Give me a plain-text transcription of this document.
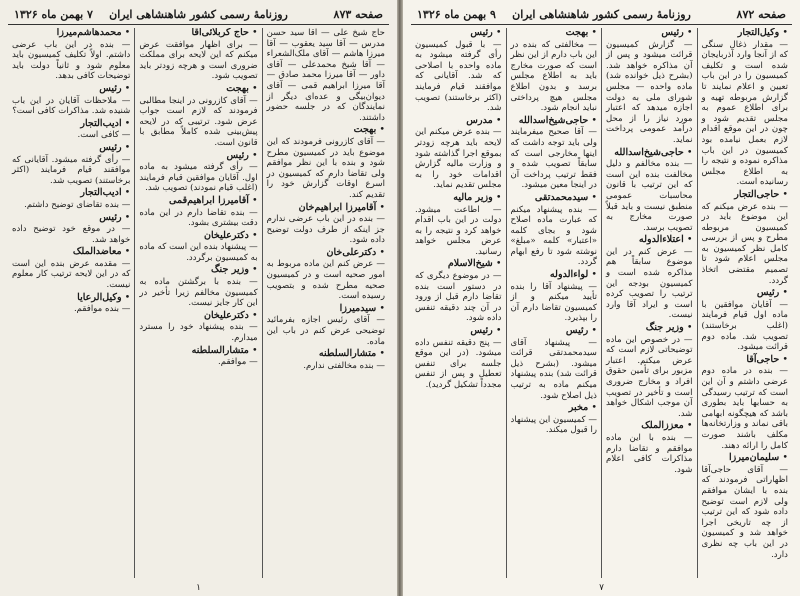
صفحه ۸۷۳
روزنامهٔ رسمی کشور شاهنشاهی ایران
۷ بهمن ماه ۱۳۲۶
حاج شیخ علی — آقا سید حسن مدرس — آقا سید یعقوب — آقا میرزا هاشم — آقای ملک‌الشعراء — آقا شیخ محمدعلی — آقای داور — آقا میرزا محمد صادق — آقا میرزا ابراهیم قمی — آقای دیوان‌بیگی و عده‌ای دیگر از نمایندگان که در جلسه حضور داشتند.
• بهجت
— آقای کازرونی فرمودند که این موضوع باید در کمیسیون مطرح شود و بنده با این نظر موافقم ولی تقاضا دارم که کمیسیون در اسرع اوقات گزارش خود را تقدیم کند.
• آقامیرزا ابراهیم‌خان
— بنده در این باب عرضی ندارم جز اینکه از طرف دولت توضیح داده شود.
• دکترعلی‌خان
— عرض کنم این ماده مربوط به امور صحیه است و در کمیسیون صحیه مطرح شده و بتصویب رسیده است.
• سیدمیرزا
— آقای رئیس اجازه بفرمائید توضیحی عرض کنم در باب این ماده.
• متشارالسلطنه
— بنده مخالفتی ندارم.
• حاج کربلائی‌آقا
— برای اظهار موافقت عرض میکنم که این لایحه برای مملکت ضروری است و هرچه زودتر باید تصویب شود.
• بهجت
— آقای کازرونی در اینجا مطالبی فرمودند که لازم است جواب عرض شود. ترتیبی که در لایحه پیش‌بینی شده کاملاً مطابق با قانون است.
• رئیس
— رأی گرفته میشود به ماده اول. آقایان موافقین قیام فرمایند (اغلب قیام نمودند) تصویب شد.
• آقامیرزا ابراهیم‌قمی
— بنده تقاضا دارم در این ماده دقت بیشتری بشود.
• دکترعلیخان
— پیشنهاد بنده این است که ماده به کمیسیون برگردد.
• وزیر جنگ
— بنده با برگشتن ماده به کمیسیون مخالفم زیرا تأخیر در این کار جایز نیست.
• دکترعلیخان
— بنده پیشنهاد خود را مسترد میدارم.
• متشارالسلطنه
— موافقم.
• محمدهاشم‌میرزا
— بنده در این باب عرضی داشتم. اولاً تکلیف کمیسیون باید معلوم شود و ثانیاً دولت باید توضیحات کافی بدهد.
• رئیس
— ملاحظات آقایان در این باب شنیده شد. مذاکرات کافی است؟
• ادیب‌التجار
— کافی است.
• رئیس
— رأی گرفته میشود. آقایانی که موافقند قیام فرمایند (اکثر برخاستند) تصویب شد.
• ادیب‌التجار
— بنده تقاضای توضیح داشتم.
• رئیس
— در موقع خود توضیح داده خواهد شد.
• معاضدالملک
— مقدمه عرض بنده این است که در این لایحه ترتیب کار معلوم نیست.
• وکیل‌الرعایا
— بنده موافقم.
۱
صفحه ۸۷۲
روزنامهٔ رسمی کشور شاهنشاهی ایران
۹ بهمن ماه ۱۳۲۶
• وکیل‌التجار
— مقدار ذغال سنگی که از آنجا وارد آذربایجان شده است و تکلیف کمیسیون را در این باب تعیین و اعلام نمایند تا گزارش مربوطه تهیه و برای اطلاع عموم به مجلس تقدیم شود و چون در این موقع اقدام لازم بعمل نیامده بود کمیسیون در این باب مذاکره نموده و نتیجه را به اطلاع مجلس رسانیده است.
• حاجی‌التجار
— بنده عرض میکنم که این موضوع باید در کمیسیون مربوطه مطرح و پس از بررسی کامل نظر کمیسیون به مجلس اعلام شود تا تصمیم مقتضی اتخاذ گردد.
• رئیس
— آقایان موافقین با ماده اول قیام فرمایند (اغلب برخاستند) تصویب شد. ماده دوم قرائت میشود.
• حاجی‌آقا
— بنده در ماده دوم عرضی داشتم و آن این است که ترتیب رسیدگی به حسابها باید بطوری باشد که هیچگونه ابهامی باقی نماند و وزارتخانه‌ها مکلف باشند صورت کامل را ارائه دهند.
• سلیمان‌میرزا
— آقای حاجی‌آقا اظهاراتی فرمودند که بنده با ایشان موافقم ولی لازم است توضیح داده شود که این ترتیب از چه تاریخی اجرا خواهد شد و کمیسیون در این باب چه نظری دارد.
• رئیس
— گزارش کمیسیون قرائت میشود و پس از آن مذاکره خواهد شد. (بشرح ذیل خوانده شد) ماده واحده — مجلس شورای ملی به دولت اجازه میدهد که اعتبار مورد نیاز را از محل درآمد عمومی پرداخت نماید.
• حاجی‌شیخ‌اسدالله
— بنده مخالفم و دلیل مخالفت بنده این است که این ترتیب با قانون محاسبات عمومی منطبق نیست و باید قبلاً صورت مخارج به تصویب برسد.
• اعتلاءالدوله
— عرض کنم در این موضوع سابقاً هم مذاکره شده است و کمیسیون بودجه این ترتیب را تصویب کرده است و ایراد آقا وارد نیست.
• وزیر جنگ
— در خصوص این ماده توضیحاتی لازم است که عرض میکنم. اعتبار مزبور برای تأمین حقوق افراد و مخارج ضروری است و تأخیر در تصویب آن موجب اشکال خواهد شد.
• معززالملک
— بنده با این ماده موافقم و تقاضا دارم مذاکرات کافی اعلام شود.
• بهجت
— مخالفتی که بنده در این باب دارم از این نظر است که صورت مخارج باید به اطلاع مجلس برسد و بدون اطلاع مجلس هیچ پرداختی نباید انجام شود.
• حاجی‌شیخ‌اسدالله
— آقا صحیح میفرمایند ولی باید توجه داشت که اینها مخارجی است که سابقاً تصویب شده و فقط ترتیب پرداخت آن در اینجا معین میشود.
• سیدمحمدتقی
— بنده پیشنهاد میکنم که عبارت ماده اصلاح شود و بجای کلمه «اعتبار» کلمه «مبلغ» نوشته شود تا رفع ابهام گردد.
• لواءالدوله
— پیشنهاد آقا را بنده تأیید میکنم و از کمیسیون تقاضا دارم آن را بپذیرد.
• رئیس
— پیشنهاد آقای سیدمحمدتقی قرائت میشود. (بشرح ذیل قرائت شد) بنده پیشنهاد میکنم ماده به ترتیب ذیل اصلاح شود.
• مخبر
— کمیسیون این پیشنهاد را قبول میکند.
• رئیس
— با قبول کمیسیون رأی گرفته میشود به ماده واحده با اصلاحی که شد. آقایانی که موافقند قیام فرمایند (اکثر برخاستند) تصویب شد.
• مدرس
— بنده عرض میکنم این لایحه باید هرچه زودتر بموقع اجرا گذاشته شود و وزارت مالیه گزارش اقدامات خود را به مجلس تقدیم نماید.
• وزیر مالیه
— اطاعت میشود. دولت در این باب اقدام خواهد کرد و نتیجه را به عرض مجلس خواهد رسانید.
• شیخ‌الاسلام
— در موضوع دیگری که در دستور است بنده تقاضا دارم قبل از ورود در آن چند دقیقه تنفس داده شود.
• رئیس
— پنج دقیقه تنفس داده میشود. (در این موقع جلسه برای تنفس تعطیل و پس از تنفس مجدداً تشکیل گردید).
۷
